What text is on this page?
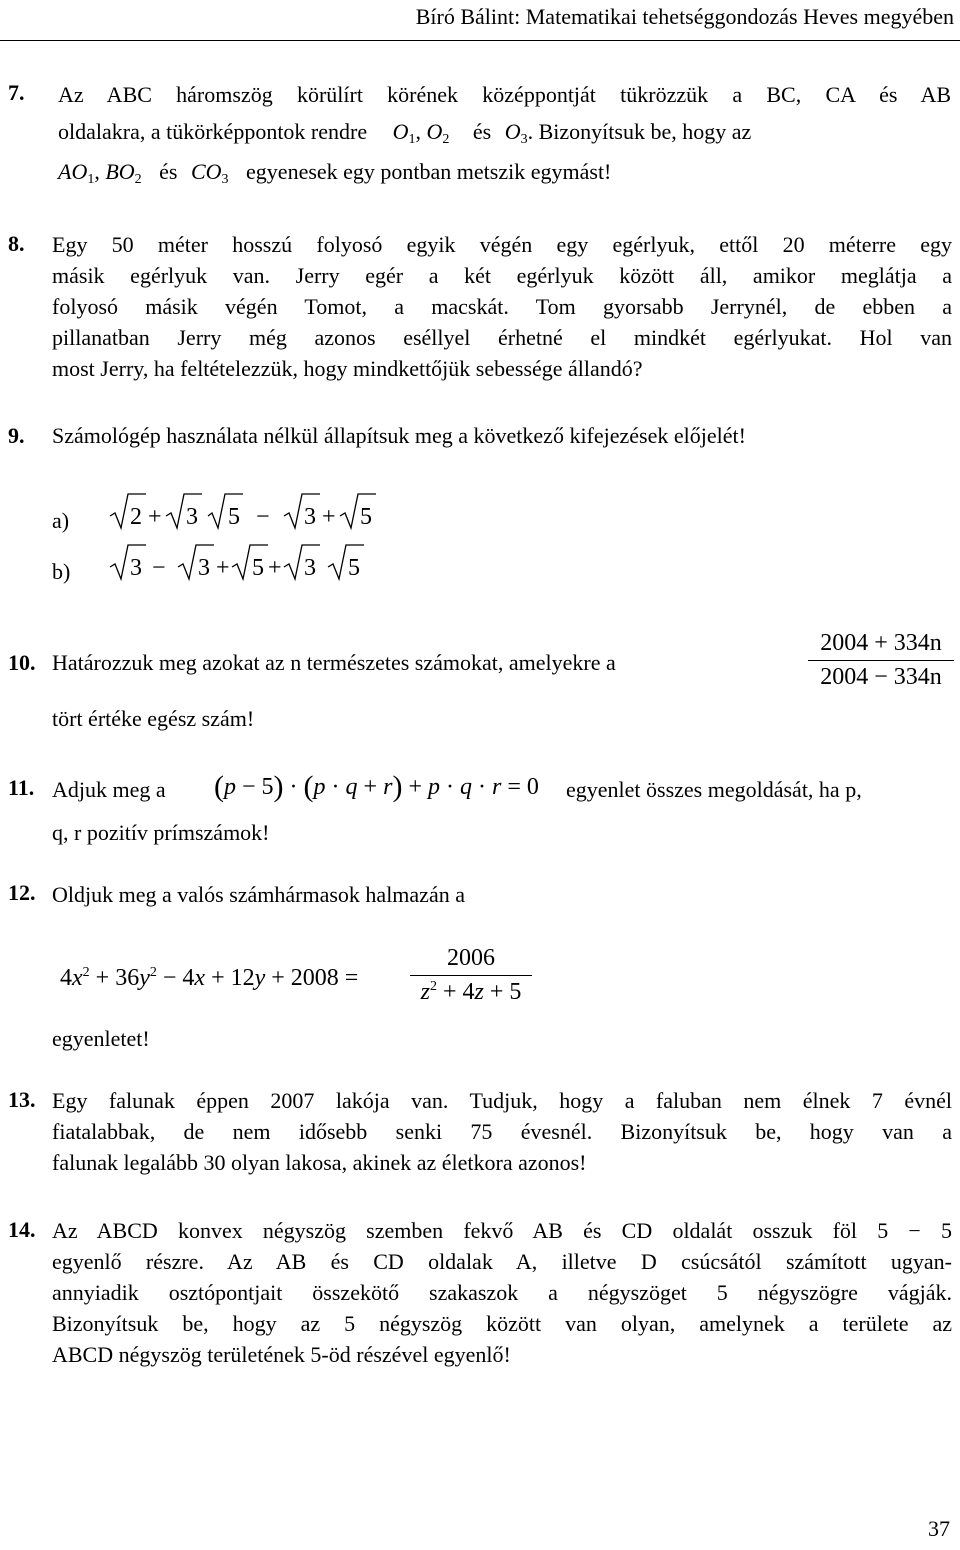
Bíró Bálint: Matematikai tehetséggondozás Heves megyében
7. Az ABC háromszög körülírt körének középpontját tükrözzük a BC, CA és AB
oldalakra, a tükörképpontok rendre $O_1$, $O_2$ és $O_3$. Bizonyítsuk be, hogy az
$AO_1$, $BO_2$ és $CO_3$ egyenesek egy pontban metszik egymást!
8. Egy 50 méter hosszú folyosó egyik végén egy egérlyuk, ettől 20 méterre egy
másik egérlyuk van. Jerry egér a két egérlyuk között áll, amikor meglátja a
folyosó másik végén Tomot, a macskát. Tom gyorsabb Jerrynél, de ebben a
pillanatban Jerry még azonos eséllyel érhetné el mindkét egérlyukat. Hol van
most Jerry, ha feltételezzük, hogy mindkettőjük sebessége állandó?
9. Számológép használata nélkül állapítsuk meg a következő kifejezések előjelét!
a)	2 + 3 5 − 3 + 5
b) 3 − 3 + 5 + 3 5
10. Határozzuk meg azokat az n természetes számokat, amelyekre a
2004 + 334n
2004 − 334n
tört értéke egész szám!
11. Adjuk meg a (p − 5) · (p · q + r) + p · q · r = 0 egyenlet összes megoldását, ha p,
q, r pozitív prímszámok!
12. Oldjuk meg a valós számhármasok halmazán a
$4x^2 + 36y^2 - 4x + 12y + 2008$ =
2006
$z^2 + 4z + 5$
egyenletet!
13. Egy falunak éppen 2007 lakója van. Tudjuk, hogy a faluban nem élnek 7 évnél
fiatalabbak, de nem idősebb senki 75 évesnél. Bizonyítsuk be, hogy van a
falunak legalább 30 olyan lakosa, akinek az életkora azonos!
14. Az ABCD konvex négyszög szemben fekvő AB és CD oldalát osszuk föl 5 − 5
egyenlő részre. Az AB és CD oldalak A, illetve D csúcsától számított ugyan-
annyiadik osztópontjait összekötő szakaszok a négyszöget 5 négyszögre vágják.
Bizonyítsuk be, hogy az 5 négyszög között van olyan, amelynek a területe az
ABCD négyszög területének 5-öd részével egyenlő!
37
